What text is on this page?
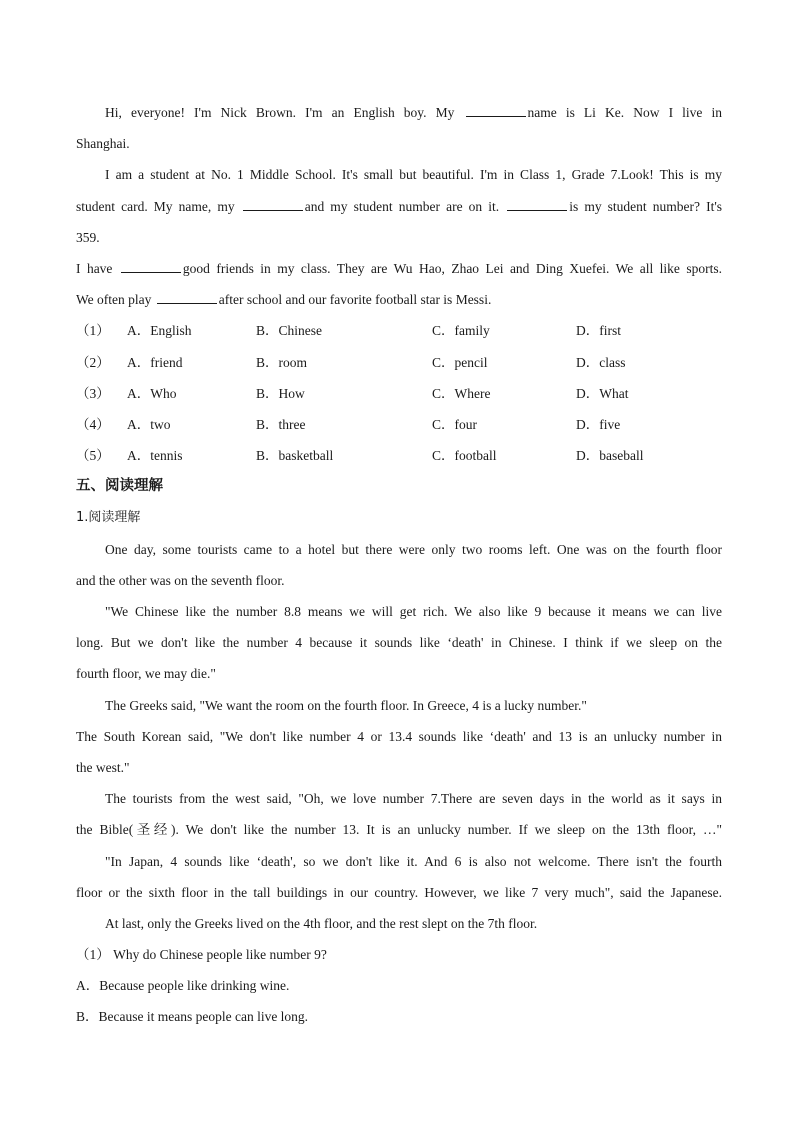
Hi, everyone! I'm Nick Brown. I'm an English boy. My	name is Li Ke. Now I live in
Shanghai.
I am a student at No. 1 Middle School. It's small but beautiful. I'm in Class 1, Grade 7.Look! This is my
student card. My name, my	and my student number are on it.	is my student number? It's
359.
I have	good friends in my class. They are Wu Hao, Zhao Lei and Ding Xuefei. We all like sports.
We often play	after school and our favorite football star is Messi.
（1） A．English	B．Chinese	C．family	D．first
（2） A．friend	B．room	C．pencil	D．class
（3） A．Who	B．How	C．Where	D．What
（4） A．two	B．three	C．four	D．five
（5） A．tennis	B．basketball	C．football	D．baseball
五、阅读理解
1.阅读理解
One day, some tourists came to a hotel but there were only two rooms left. One was on the fourth floor
and the other was on the seventh floor.
"We Chinese like the number 8.8 means we will get rich. We also like 9 because it means we can live
long. But we don't like the number 4 because it sounds like ‘death' in Chinese. I think if we sleep on the
fourth floor, we may die."
The Greeks said, "We want the room on the fourth floor. In Greece, 4 is a lucky number."
The South Korean said, "We don't like number 4 or 13.4 sounds like ‘death' and 13 is an unlucky number in
the west."
The tourists from the west said, "Oh, we love number 7.There are seven days in the world as it says in
the Bible(圣经). We don't like the number 13. It is an unlucky number. If we sleep on the 13th floor, …"
"In Japan, 4 sounds like ‘death', so we don't like it. And 6 is also not welcome. There isn't the fourth
floor or the sixth floor in the tall buildings in our country. However, we like 7 very much", said the Japanese.
At last, only the Greeks lived on the 4th floor, and the rest slept on the 7th floor.
（1） Why do Chinese people like number 9?
A．Because people like drinking wine.
B．Because it means people can live long.
